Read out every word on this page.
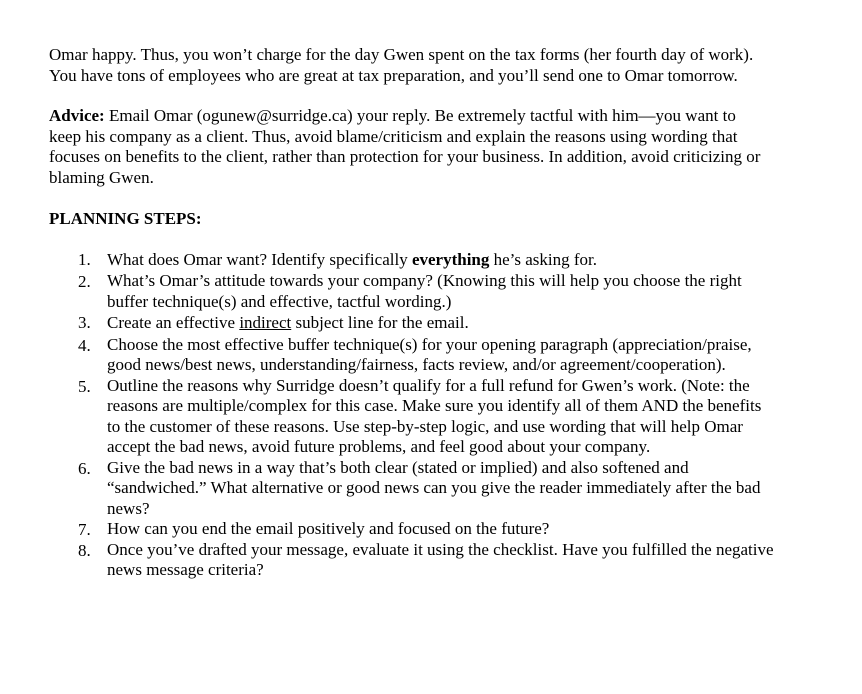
Omar happy. Thus, you won’t charge for the day Gwen spent on the tax forms (her fourth day of work).
You have tons of employees who are great at tax preparation, and you’ll send one to Omar tomorrow.

Advice: Email Omar (ogunew@surridge.ca) your reply. Be extremely tactful with him—you want to
keep his company as a client. Thus, avoid blame/criticism and explain the reasons using wording that
focuses on benefits to the client, rather than protection for your business. In addition, avoid criticizing or
blaming Gwen.

PLANNING STEPS:
1. What does Omar want? Identify specifically everything he’s asking for.
2. What’s Omar’s attitude towards your company? (Knowing this will help you choose the right
buffer technique(s) and effective, tactful wording.)
3. Create an effective indirect subject line for the email.
4. Choose the most effective buffer technique(s) for your opening paragraph (appreciation/praise,
good news/best news, understanding/fairness, facts review, and/or agreement/cooperation).
5. Outline the reasons why Surridge doesn’t qualify for a full refund for Gwen’s work. (Note: the
reasons are multiple/complex for this case. Make sure you identify all of them AND the benefits
to the customer of these reasons. Use step-by-step logic, and use wording that will help Omar
accept the bad news, avoid future problems, and feel good about your company.
6. Give the bad news in a way that’s both clear (stated or implied) and also softened and
“sandwiched.” What alternative or good news can you give the reader immediately after the bad
news?
7. How can you end the email positively and focused on the future?
8. Once you’ve drafted your message, evaluate it using the checklist. Have you fulfilled the negative
news message criteria?
